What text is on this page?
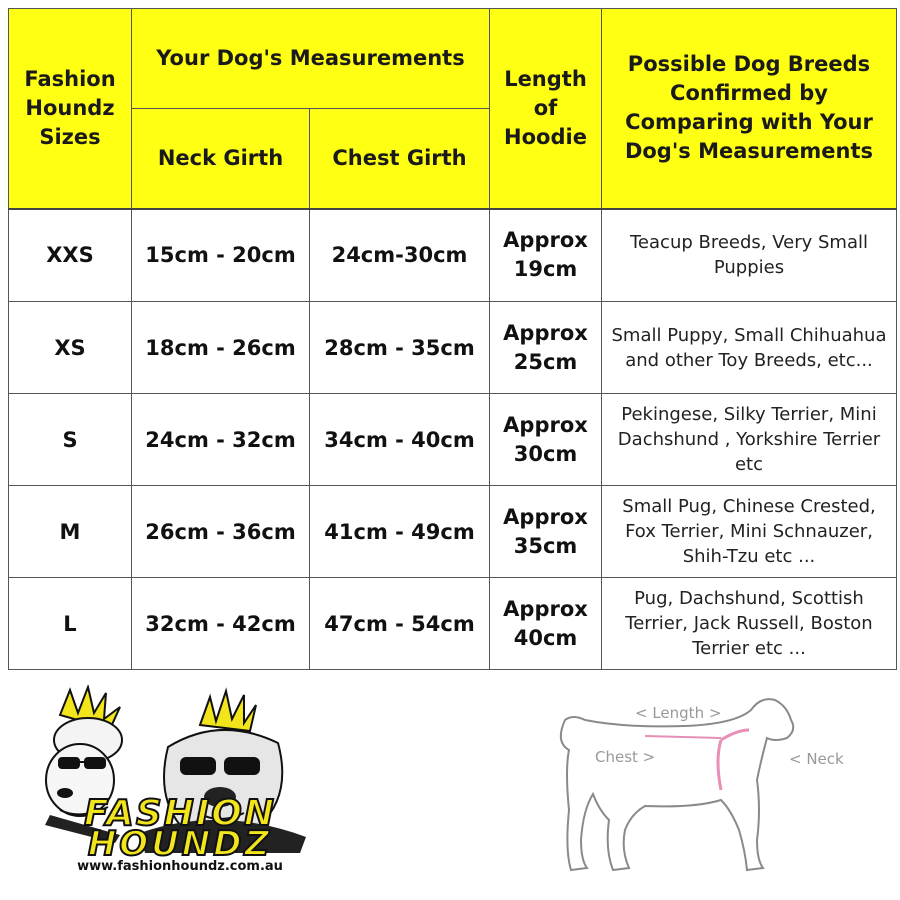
Fashion Houndz Sizes	Your Dog's Measurements		Length of Hoodie	Possible Dog Breeds Confirmed by Comparing with Your Dog's Measurements
	Neck Girth	Chest Girth		
XXS	15cm - 20cm	24cm-30cm	Approx 19cm	Teacup Breeds, Very Small Puppies
XS	18cm - 26cm	28cm - 35cm	Approx 25cm	Small Puppy, Small Chihuahua and other Toy Breeds, etc...
S	24cm - 32cm	34cm - 40cm	Approx 30cm	Pekingese, Silky Terrier, Mini Dachshund , Yorkshire Terrier etc
M	26cm - 36cm	41cm - 49cm	Approx 35cm	Small Pug, Chinese Crested, Fox Terrier, Mini Schnauzer, Shih-Tzu etc ...
L	32cm - 42cm	47cm - 54cm	Approx 40cm	Pug, Dachshund, Scottish Terrier, Jack Russell, Boston Terrier etc ...
FASHION
HOUNDZ
www.fashionhoundz.com.au
< Length >
Chest >	< Neck
